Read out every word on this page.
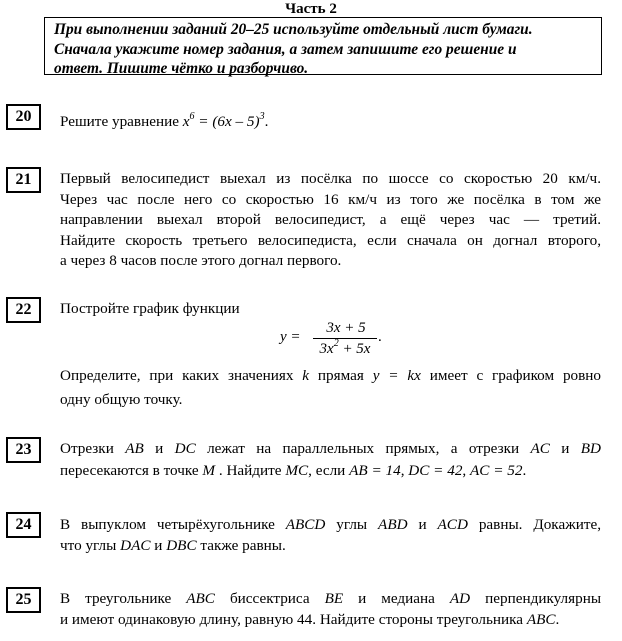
Часть 2
При выполнении заданий 20–25 используйте отдельный лист бумаги.
Сначала укажите номер задания, а затем запишите его решение и
ответ. Пишите чётко и разборчиво.
20	Решите уравнение $x^6 = (6x - 5)^3$.
21	Первый велосипедист выехал из посёлка по шоссе со скоростью 20 км/ч.
Через час после него со скоростью 16 км/ч из того же посёлка в том же
направлении выехал второй велосипедист, а ещё через час — третий.
Найдите скорость третьего велосипедиста, если сначала он догнал второго,
а через 8 часов после этого догнал первого.
22	Постройте график функции
y =
3x + 5
$3x^2 + 5x$
.
Определите, при каких значениях k прямая y = kx имеет с графиком ровно
одну общую точку.
23	Отрезки AB и DC лежат на параллельных прямых, а отрезки AC и BD
пересекаются в точке M . Найдите MC, если AB = 14, DC = 42, AC = 52.
24	В выпуклом четырёхугольнике ABCD углы ABD и ACD равны. Докажите,
что углы DAC и DBC также равны.
25	В треугольнике ABC биссектриса BE и медиана AD перпендикулярны
и имеют одинаковую длину, равную 44. Найдите стороны треугольника ABC.
